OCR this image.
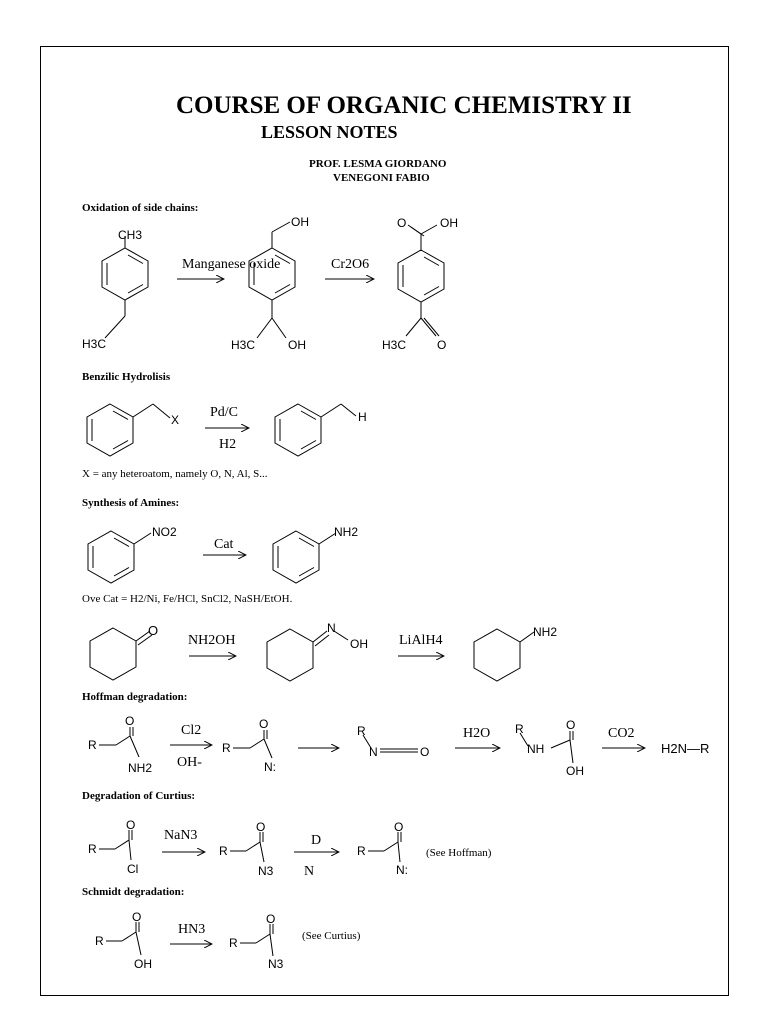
COURSE OF ORGANIC CHEMISTRY II
LESSON NOTES
PROF. LESMA GIORDANO
VENEGONI FABIO
Oxidation of side chains:
Benzilic Hydrolisis
X = any heteroatom, namely O, N, Al, S...
Synthesis of Amines:
Ove Cat = H2/Ni, Fe/HCl, SnCl2, NaSH/EtOH.
Hoffman degradation:
Degradation of Curtius:
Schmidt degradation:
CH3
H3C
Manganese oxide
OH
H3C	OH
Cr2O6
O	OH
H3C	O
X Pd/C
H2
H
NO2
Cat
NH2
O
NH2OH
N
OH LiAlH4
NH2
R
O
NH2
Cl2
OH-
R
O
N:
R
N	O
H2O R
NH
O
OH
CO2
H2N—R
R
O
Cl
NaN3
R
O
N3
D
N
R
O
N:
(See Hoffman)
R
O
OH
HN3
R
O
N3
(See Curtius)
